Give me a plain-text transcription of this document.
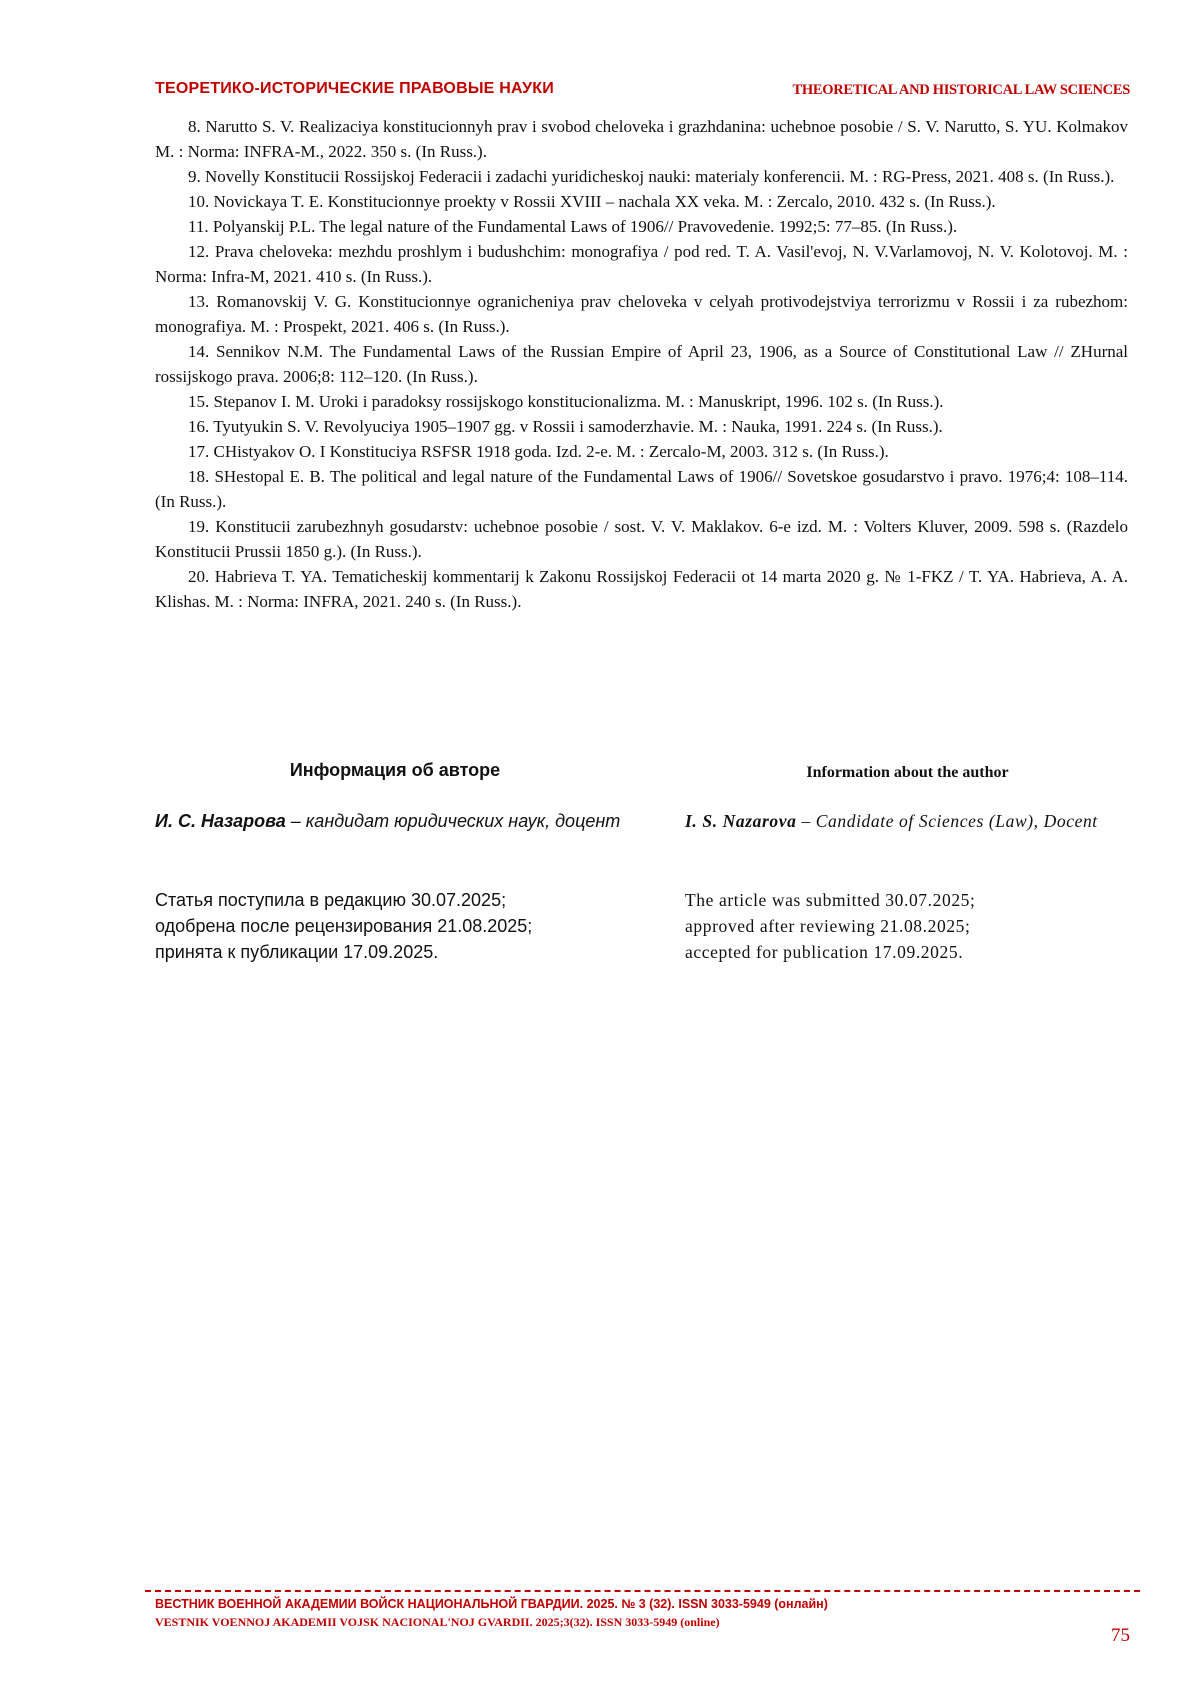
ТЕОРЕТИКО-ИСТОРИЧЕСКИЕ ПРАВОВЫЕ НАУКИ	THEORETICAL AND HISTORICAL LAW SCIENCES

8. Narutto S. V. Realizaciya konstitucionnyh prav i svobod cheloveka i grazhdanina: uchebnoe posobie / S. V. Narutto, S. YU. Kolmakov M. : Norma: INFRA-M., 2022. 350 s. (In Russ.).

9. Novelly Konstitucii Rossijskoj Federacii i zadachi yuridicheskoj nauki: materialy konferencii. M. : RG-Press, 2021. 408 s. (In Russ.).

10. Novickaya T. E. Konstitucionnye proekty v Rossii XVIII – nachala XX veka. M. : Zercalo, 2010. 432 s. (In Russ.).

11. Polyanskij P.L. The legal nature of the Fundamental Laws of 1906// Pravovedenie. 1992;5: 77–85. (In Russ.).

12. Prava cheloveka: mezhdu proshlym i budushchim: monografiya / pod red. T. A. Vasil'evoj, N. V.Varlamovoj, N. V. Kolotovoj. M. : Norma: Infra-M, 2021. 410 s. (In Russ.).

13. Romanovskij V. G. Konstitucionnye ogranicheniya prav cheloveka v celyah protivodejstviya terrorizmu v Rossii i za rubezhom: monografiya. M. : Prospekt, 2021. 406 s. (In Russ.).

14. Sennikov N.M. The Fundamental Laws of the Russian Empire of April 23, 1906, as a Source of Constitutional Law // ZHurnal rossijskogo prava. 2006;8: 112–120. (In Russ.).

15. Stepanov I. M. Uroki i paradoksy rossijskogo konstitucionalizma. M. : Manuskript, 1996. 102 s. (In Russ.).

16. Tyutyukin S. V. Revolyuciya 1905–1907 gg. v Rossii i samoderzhavie. M. : Nauka, 1991. 224 s. (In Russ.).

17. CHistyakov O. I Konstituciya RSFSR 1918 goda. Izd. 2-e. M. : Zercalo-M, 2003. 312 s. (In Russ.).

18. SHestopal E. B. The political and legal nature of the Fundamental Laws of 1906// Sovetskoe gosudarstvo i pravo. 1976;4: 108–114. (In Russ.).

19. Konstitucii zarubezhnyh gosudarstv: uchebnoe posobie / sost. V. V. Maklakov. 6-e izd. M. : Volters Kluver, 2009. 598 s. (Razdelo Konstitucii Prussii 1850 g.). (In Russ.).

20. Habrieva T. YA. Tematicheskij kommentarij k Zakonu Rossijskoj Federacii ot 14 marta 2020 g. № 1-FKZ / T. YA. Habrieva, A. A. Klishas. M. : Norma: INFRA, 2021. 240 s. (In Russ.).

Информация об авторе	Information about the author
И. С. Назарова – кандидат юридических наук, доцент	I. S. Nazarova – Candidate of Sciences (Law), Docent
Статья поступила в редакцию 30.07.2025;
одобрена после рецензирования 21.08.2025;
принята к публикации 17.09.2025.
The article was submitted 30.07.2025;
approved after reviewing 21.08.2025;
accepted for publication 17.09.2025.
ВЕСТНИК ВОЕННОЙ АКАДЕМИИ ВОЙСК НАЦИОНАЛЬНОЙ ГВАРДИИ. 2025. № 3 (32). ISSN 3033-5949 (онлайн)
VESTNIK VOENNOJ AKADEMII VOJSK NACIONAL'NOJ GVARDII. 2025;3(32). ISSN 3033-5949 (online)
75
